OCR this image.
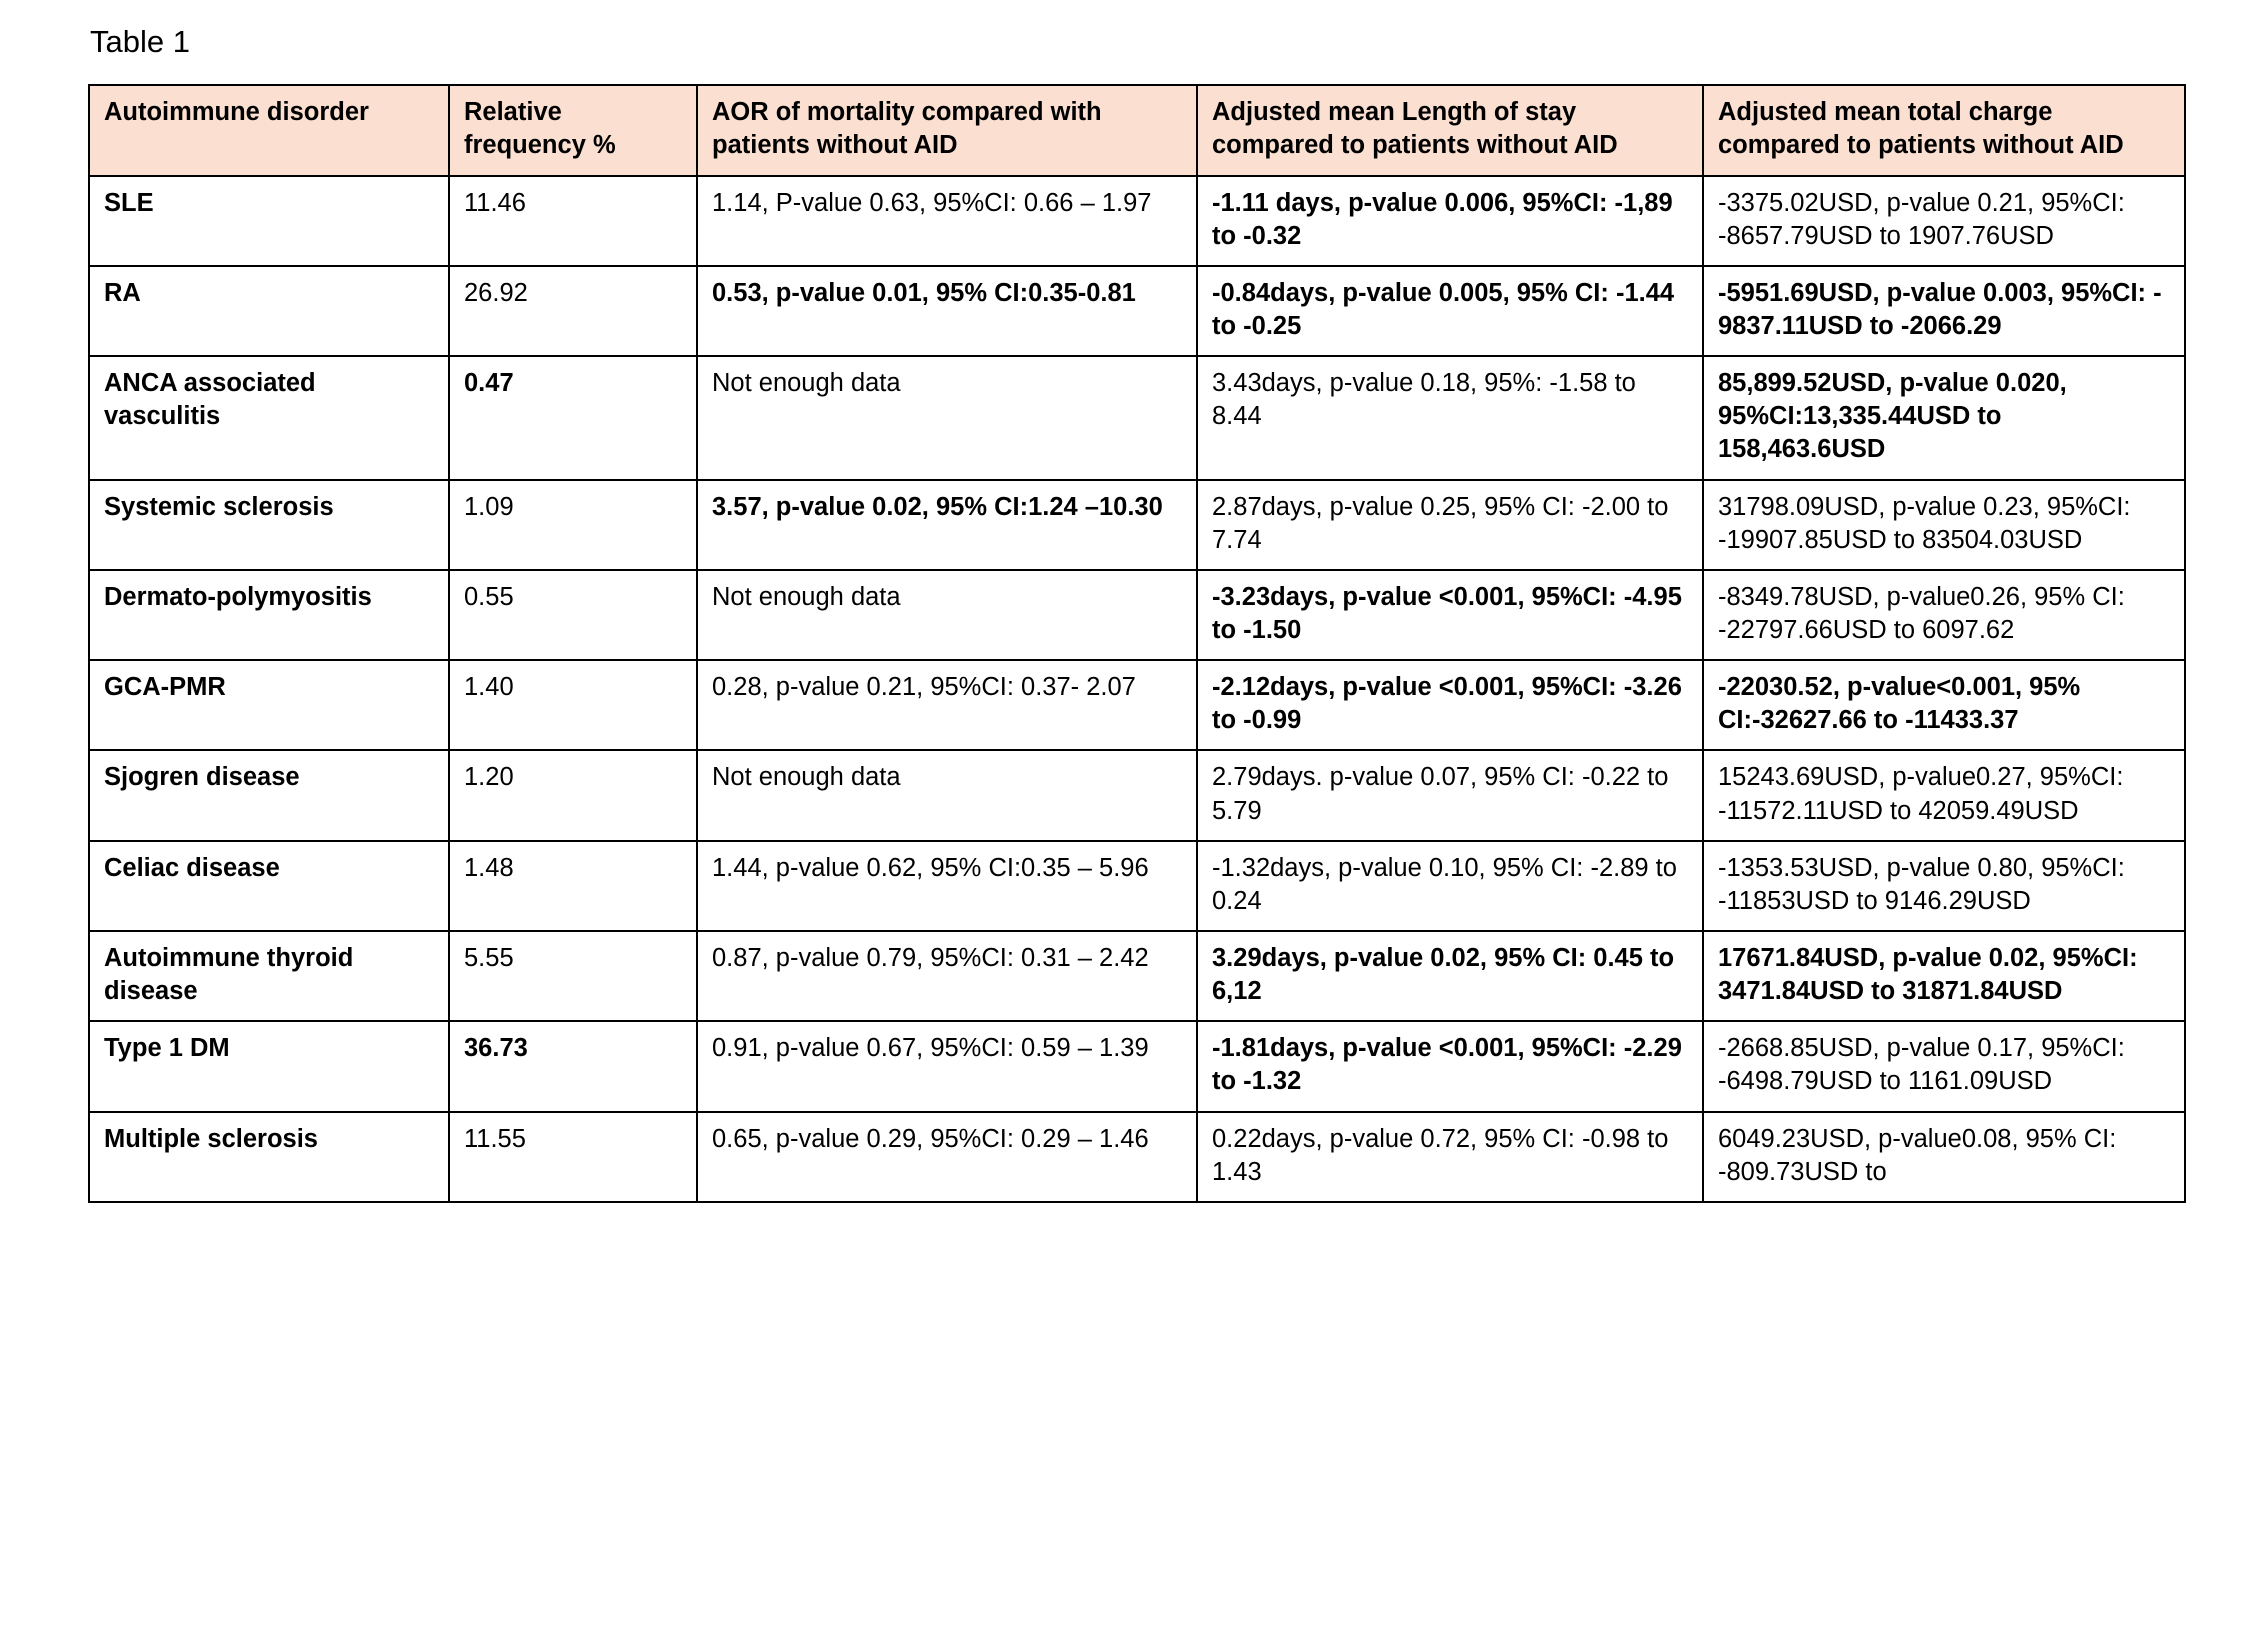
Table 1
Autoimmune disorder	Relative frequency %	AOR of mortality compared with patients without AID	Adjusted mean Length of stay compared to patients without AID	Adjusted mean total charge compared to patients without AID
SLE	11.46	1.14, P-value 0.63, 95%CI: 0.66 – 1.97	-1.11 days, p-value 0.006, 95%CI: -1,89 to -0.32	-3375.02USD, p-value 0.21, 95%CI: -8657.79USD to 1907.76USD
RA	26.92	0.53, p-value 0.01, 95% CI:0.35-0.81	-0.84days, p-value 0.005, 95% CI: -1.44 to -0.25	-5951.69USD, p-value 0.003, 95%CI: - 9837.11USD to -2066.29
ANCA associated vasculitis	0.47	Not enough data	3.43days, p-value 0.18, 95%: -1.58 to 8.44	85,899.52USD, p-value 0.020, 95%CI:13,335.44USD to 158,463.6USD
Systemic sclerosis	1.09	3.57, p-value 0.02, 95% CI:1.24 –10.30	2.87days, p-value 0.25, 95% CI: -2.00 to 7.74	31798.09USD, p-value 0.23, 95%CI: -19907.85USD to 83504.03USD
Dermato-polymyositis	0.55	Not enough data	-3.23days, p-value <0.001, 95%CI: -4.95 to -1.50	-8349.78USD, p-value0.26, 95% CI: -22797.66USD to 6097.62
GCA-PMR	1.40	0.28, p-value 0.21, 95%CI: 0.37- 2.07	-2.12days, p-value <0.001, 95%CI: -3.26 to -0.99	-22030.52, p-value<0.001, 95% CI:-32627.66 to -11433.37
Sjogren disease	1.20	Not enough data	2.79days. p-value 0.07, 95% CI: -0.22 to 5.79	15243.69USD, p-value0.27, 95%CI: -11572.11USD to 42059.49USD
Celiac disease	1.48	1.44, p-value 0.62, 95% CI:0.35 – 5.96	-1.32days, p-value 0.10, 95% CI: -2.89 to 0.24	-1353.53USD, p-value 0.80, 95%CI: -11853USD to 9146.29USD
Autoimmune thyroid disease	5.55	0.87, p-value 0.79, 95%CI: 0.31 – 2.42	3.29days, p-value 0.02, 95% CI: 0.45 to 6,12	17671.84USD, p-value 0.02, 95%CI: 3471.84USD to 31871.84USD
Type 1 DM	36.73	0.91, p-value 0.67, 95%CI: 0.59 – 1.39	-1.81days, p-value <0.001, 95%CI: -2.29 to -1.32	-2668.85USD, p-value 0.17, 95%CI: -6498.79USD to 1161.09USD
Multiple sclerosis	11.55	0.65, p-value 0.29, 95%CI: 0.29 – 1.46	0.22days, p-value 0.72, 95% CI: -0.98 to 1.43	6049.23USD, p-value0.08, 95% CI: -809.73USD to
